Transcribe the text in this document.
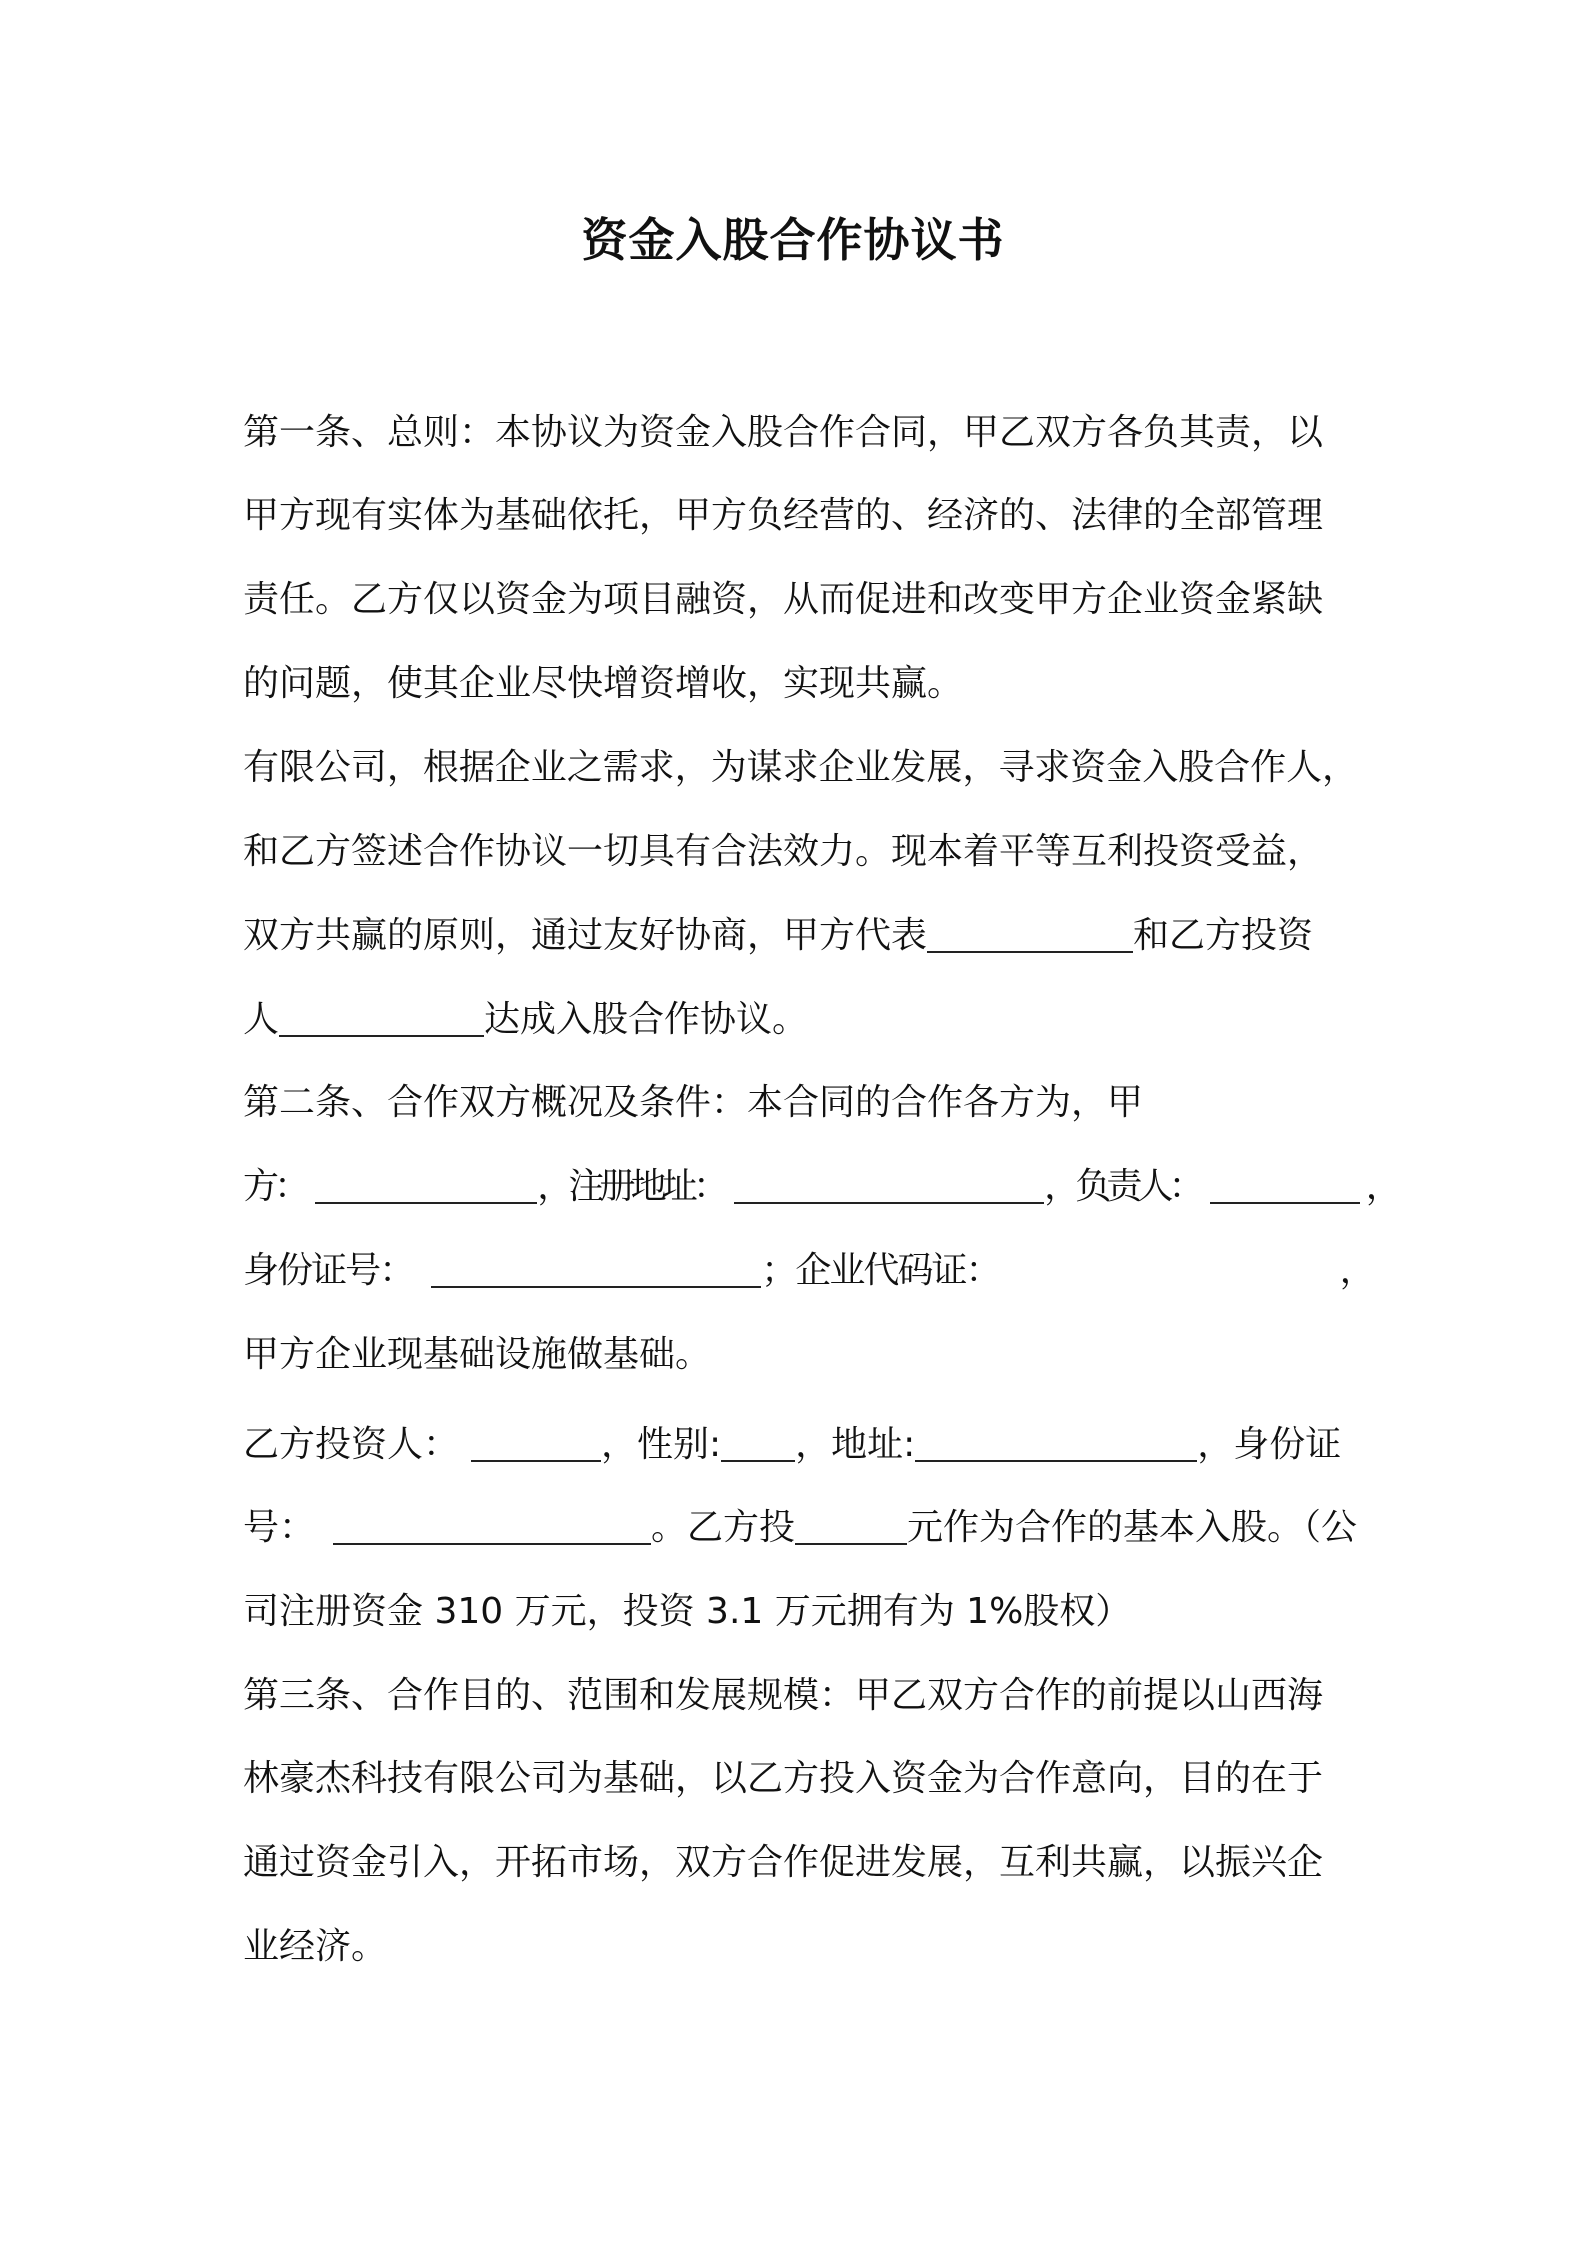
资金入股合作协议书
第一条、总则：本协议为资金入股合作合同，甲乙双方各负其责，以
甲方现有实体为基础依托，甲方负经营的、经济的、法律的全部管理
责任。乙方仅以资金为项目融资，从而促进和改变甲方企业资金紧缺
的问题，使其企业尽快增资增收，实现共赢。
有限公司，根据企业之需求，为谋求企业发展，寻求资金入股合作人，
和乙方签述合作协议一切具有合法效力。现本着平等互利投资受益，
双方共赢的原则，通过友好协商，甲方代表	和乙方投资
人	达成入股合作协议。
第二条、合作双方概况及条件：本合同的合作各方为，甲
方：	，注册地址：	，负责人：	，
身份证号：	；企业代码证：	，
甲方企业现基础设施做基础。
乙方投资人：	，性别: ，地址:	，身份证
号：	。乙方投	元作为合作的基本入股。（公
司注册资金 310 万元，投资 3.1 万元拥有为 1%股权）
第三条、合作目的、范围和发展规模：甲乙双方合作的前提以山西海
林豪杰科技有限公司为基础，以乙方投入资金为合作意向，目的在于
通过资金引入，开拓市场，双方合作促进发展，互利共赢，以振兴企
业经济。
